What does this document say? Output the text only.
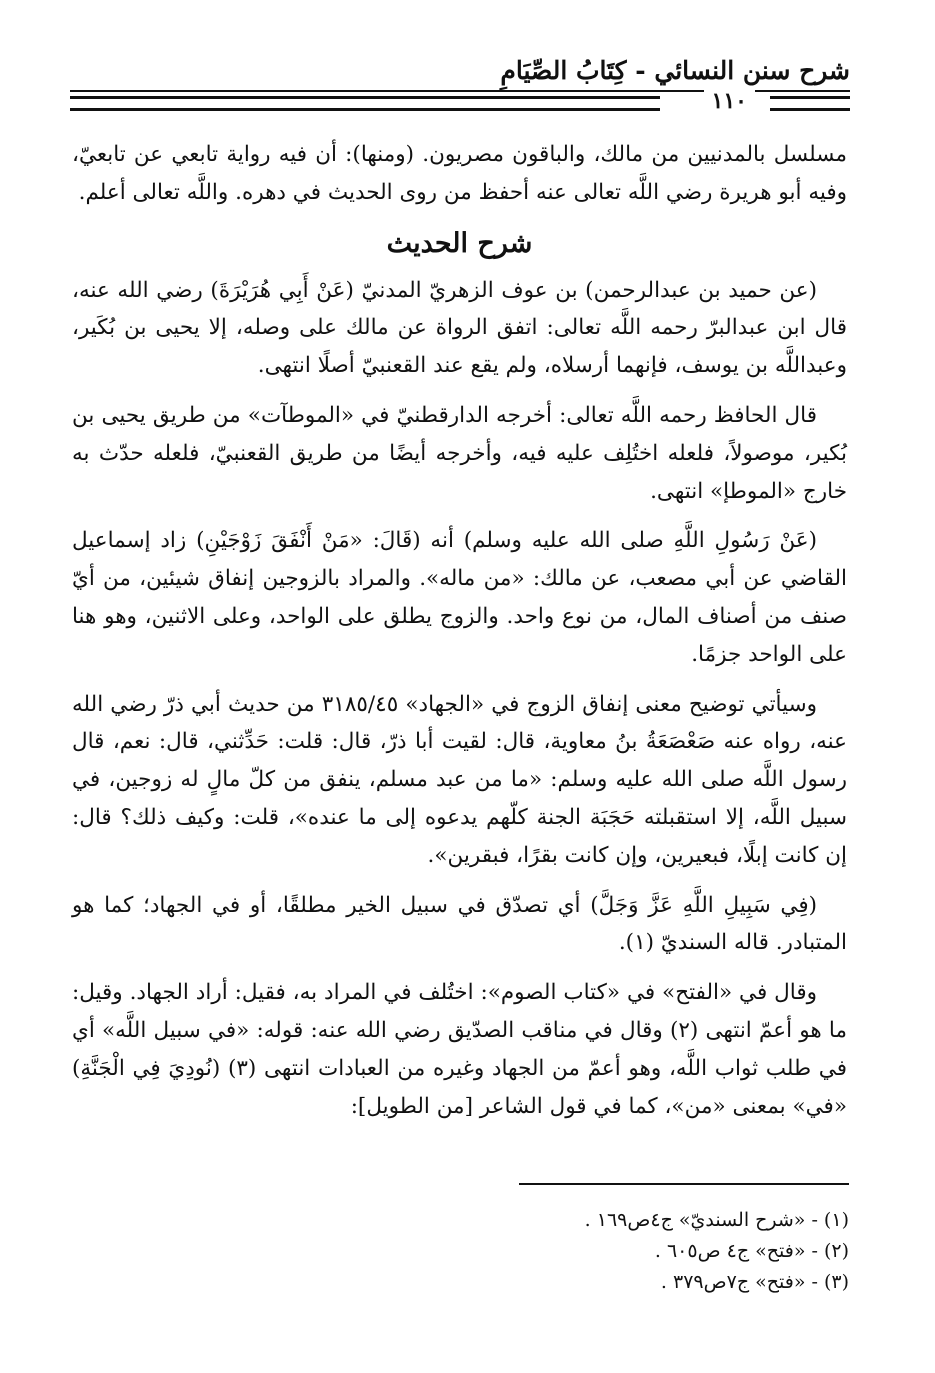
شرح سنن النسائي - كِتَابُ الصِّيَامِ
١١٠

مسلسل بالمدنيين من مالك، والباقون مصريون. (ومنها): أن فيه رواية تابعي عن تابعيّ، وفيه أبو هريرة رضي اللَّه تعالى عنه أحفظ من روى الحديث في دهره. واللَّه تعالى أعلم.

شرح الحديث

(عن حميد بن عبدالرحمن) بن عوف الزهريّ المدنيّ (عَنْ أَبِي هُرَيْرَةَ) رضي الله عنه، قال ابن عبدالبرّ رحمه اللَّه تعالى: اتفق الرواة عن مالك على وصله، إلا يحيى بن بُكَير، وعبداللَّه بن يوسف، فإنهما أرسلاه، ولم يقع عند القعنبيّ أصلًا انتهى.

قال الحافظ رحمه اللَّه تعالى: أخرجه الدارقطنيّ في «الموطآت» من طريق يحيى بن بُكير، موصولاً، فلعله اختُلِف عليه فيه، وأخرجه أيضًا من طريق القعنبيّ، فلعله حدّث به خارج «الموطإ» انتهى.

(عَنْ رَسُولِ اللَّهِ صلى الله عليه وسلم) أنه (قَالَ: «مَنْ أَنْفَقَ زَوْجَيْنِ) زاد إسماعيل القاضي عن أبي مصعب، عن مالك: «من ماله». والمراد بالزوجين إنفاق شيئين، من أيّ صنف من أصناف المال، من نوع واحد. والزوج يطلق على الواحد، وعلى الاثنين، وهو هنا على الواحد جزمًا.

وسيأتي توضيح معنى إنفاق الزوج في «الجهاد» ٣١٨٥/٤٥ من حديث أبي ذرّ رضي الله عنه، رواه عنه صَعْصَعَةُ بنُ معاوية، قال: لقيت أبا ذرّ، قال: قلت: حَدِّثني، قال: نعم، قال رسول اللَّه صلى الله عليه وسلم: «ما من عبد مسلم، ينفق من كلّ مالٍ له زوجين، في سبيل اللَّه، إلا استقبلته حَجَبَة الجنة كلّهم يدعوه إلى ما عنده»، قلت: وكيف ذلك؟ قال: إن كانت إبلًا، فبعيرين، وإن كانت بقرًا، فبقرين».

(فِي سَبِيلِ اللَّهِ عَزَّ وَجَلَّ) أي تصدّق في سبيل الخير مطلقًا، أو في الجهاد؛ كما هو المتبادر. قاله السنديّ (١).

وقال في «الفتح» في «كتاب الصوم»: اختُلف في المراد به، فقيل: أراد الجهاد. وقيل: ما هو أعمّ انتهى (٢) وقال في مناقب الصدّيق رضي الله عنه: قوله: «في سبيل اللَّه» أي في طلب ثواب اللَّه، وهو أعمّ من الجهاد وغيره من العبادات انتهى (٣) (نُودِيَ فِي الْجَنَّةِ) «في» بمعنى «من»، كما في قول الشاعر [من الطويل]:

(١) - «شرح السنديّ» ج٤ص١٦٩ .
(٢) - «فتح» ج٤ ص٦٠٥ .
(٣) - «فتح» ج٧ص٣٧٩ .
